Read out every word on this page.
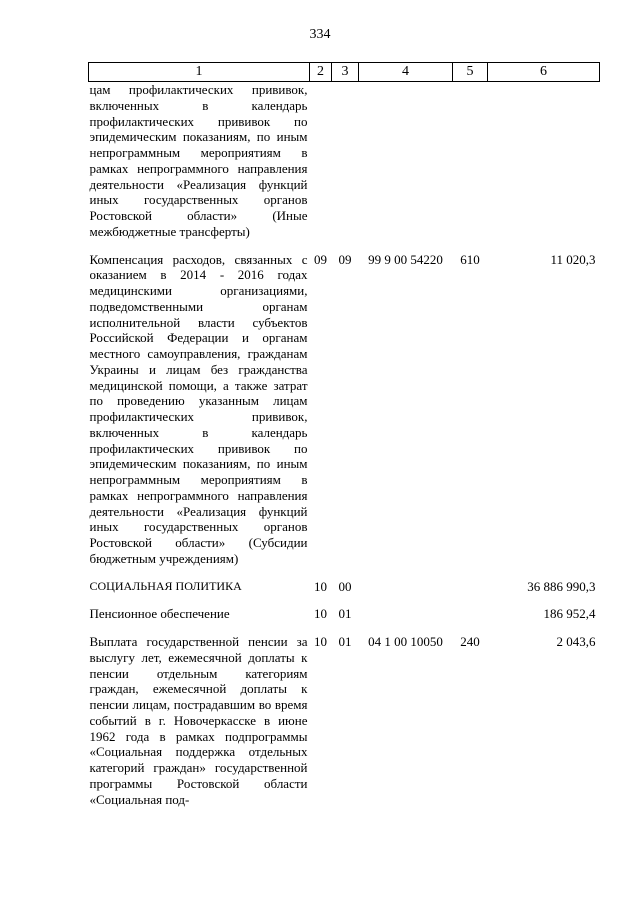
334
1	2	3	4	5	6
цам профилактических прививок, включенных в календарь профилактических прививок по эпидемическим показаниям, по иным непрограммным мероприятиям в рамках непрограммного направления деятельности «Реализация функций иных государственных органов Ростовской области» (Иные межбюджетные трансферты)					
Компенсация расходов, связанных с оказанием в 2014 - 2016 годах медицинскими организациями, подведомственными органам исполнительной власти субъектов Российской Федерации и органам местного самоуправления, гражданам Украины и лицам без гражданства медицинской помощи, а также затрат по проведению указанным лицам профилактических прививок, включенных в календарь профилактических прививок по эпидемическим показаниям, по иным непрограммным мероприятиям в рамках непрограммного направления деятельности «Реализация функций иных государственных органов Ростовской области» (Субсидии бюджетным учреждениям)	09	09	99 9 00 54220	610	11 020,3
СОЦИАЛЬНАЯ ПОЛИТИКА	10	00			36 886 990,3
Пенсионное обеспечение	10	01			186 952,4
Выплата государственной пенсии за выслугу лет, ежемесячной доплаты к пенсии отдельным категориям граждан, ежемесячной доплаты к пенсии лицам, пострадавшим во время событий в г. Новочеркасске в июне 1962 года в рамках подпрограммы «Социальная поддержка отдельных категорий граждан» государственной программы Ростовской области «Социальная под-	10	01	04 1 00 10050	240	2 043,6
